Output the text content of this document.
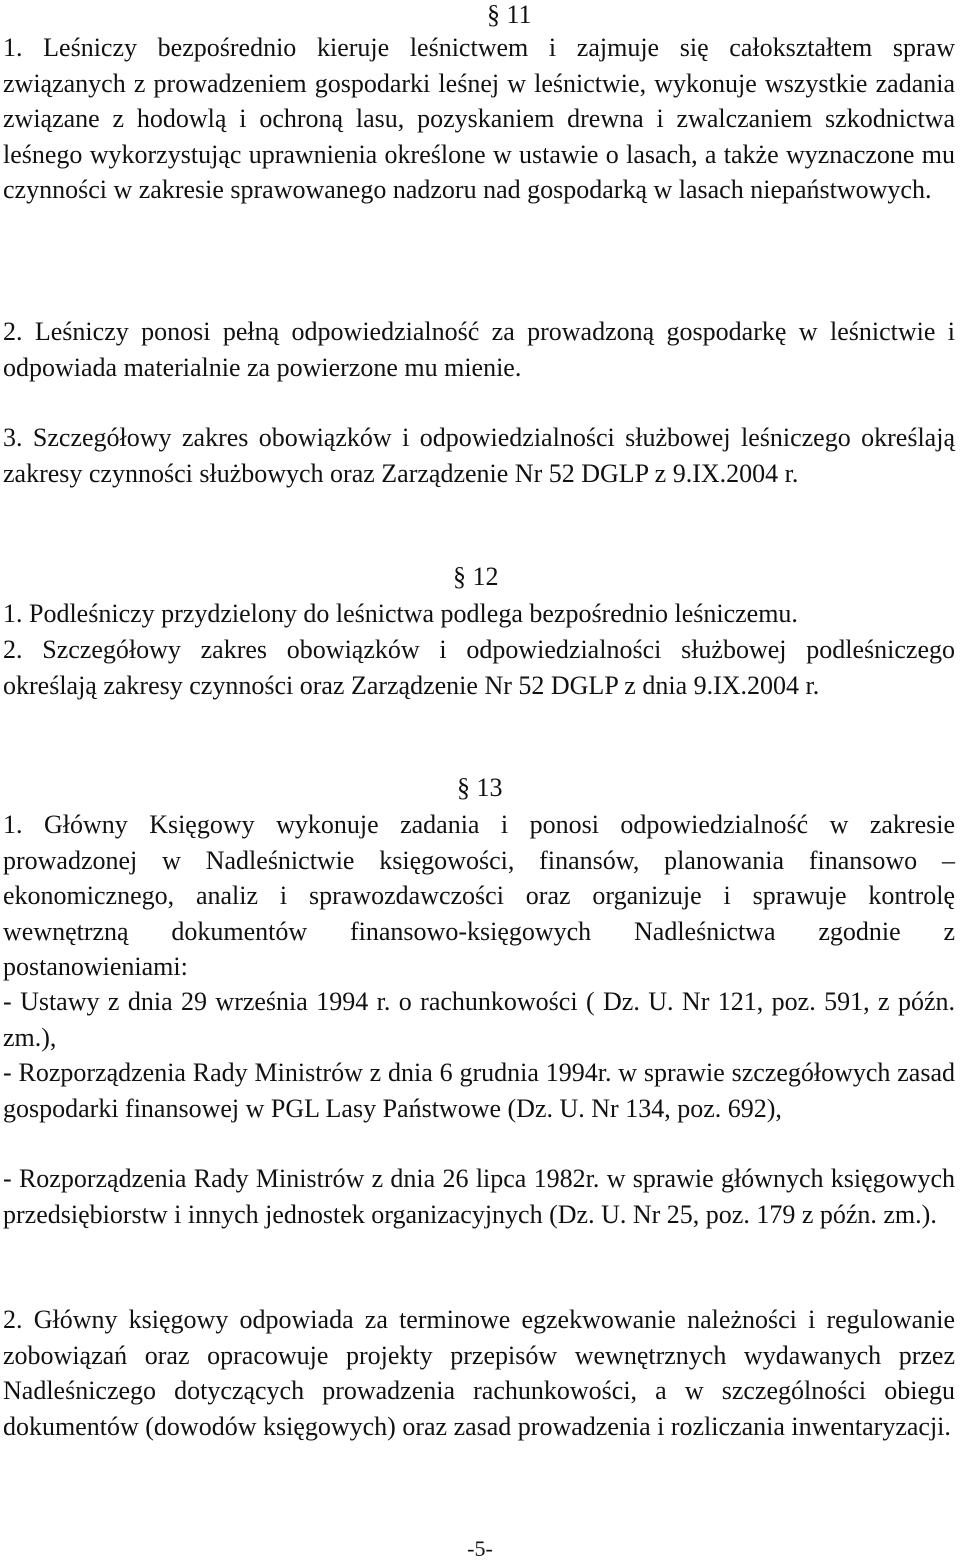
§ 11
1. Leśniczy bezpośrednio kieruje leśnictwem i zajmuje się całokształtem spraw związanych z prowadzeniem gospodarki leśnej w leśnictwie, wykonuje wszystkie zadania związane z hodowlą i ochroną lasu, pozyskaniem drewna i zwalczaniem szkodnictwa leśnego wykorzystując uprawnienia określone w ustawie o lasach, a także wyznaczone mu czynności w zakresie sprawowanego nadzoru nad gospodarką w lasach niepaństwowych.
2. Leśniczy ponosi pełną odpowiedzialność za prowadzoną gospodarkę w leśnictwie i odpowiada materialnie za powierzone mu mienie.
3. Szczegółowy zakres obowiązków i odpowiedzialności służbowej leśniczego określają zakresy czynności służbowych oraz Zarządzenie Nr 52 DGLP z 9.IX.2004 r.
§ 12
1. Podleśniczy przydzielony do leśnictwa podlega bezpośrednio leśniczemu.
2. Szczegółowy zakres obowiązków i odpowiedzialności służbowej podleśniczego określają zakresy czynności oraz Zarządzenie Nr 52 DGLP z dnia 9.IX.2004 r.
§ 13
1. Główny Księgowy wykonuje zadania i ponosi odpowiedzialność w zakresie prowadzonej w Nadleśnictwie księgowości, finansów, planowania finansowo – ekonomicznego, analiz i sprawozdawczości oraz organizuje i sprawuje kontrolę wewnętrzną dokumentów finansowo-księgowych Nadleśnictwa zgodnie z postanowieniami:
- Ustawy z dnia 29 września 1994 r. o rachunkowości ( Dz. U. Nr 121, poz. 591, z późn. zm.),
- Rozporządzenia Rady Ministrów z dnia 6 grudnia 1994r. w sprawie szczegółowych zasad gospodarki finansowej w PGL Lasy Państwowe (Dz. U. Nr 134, poz. 692),
- Rozporządzenia Rady Ministrów z dnia 26 lipca 1982r. w sprawie głównych księgowych przedsiębiorstw i innych jednostek organizacyjnych (Dz. U. Nr 25, poz. 179 z późn. zm.).
2. Główny księgowy odpowiada za terminowe egzekwowanie należności i regulowanie zobowiązań oraz opracowuje projekty przepisów wewnętrznych wydawanych przez Nadleśniczego dotyczących prowadzenia rachunkowości, a w szczególności obiegu dokumentów (dowodów księgowych) oraz zasad prowadzenia i rozliczania inwentaryzacji.
-5-
